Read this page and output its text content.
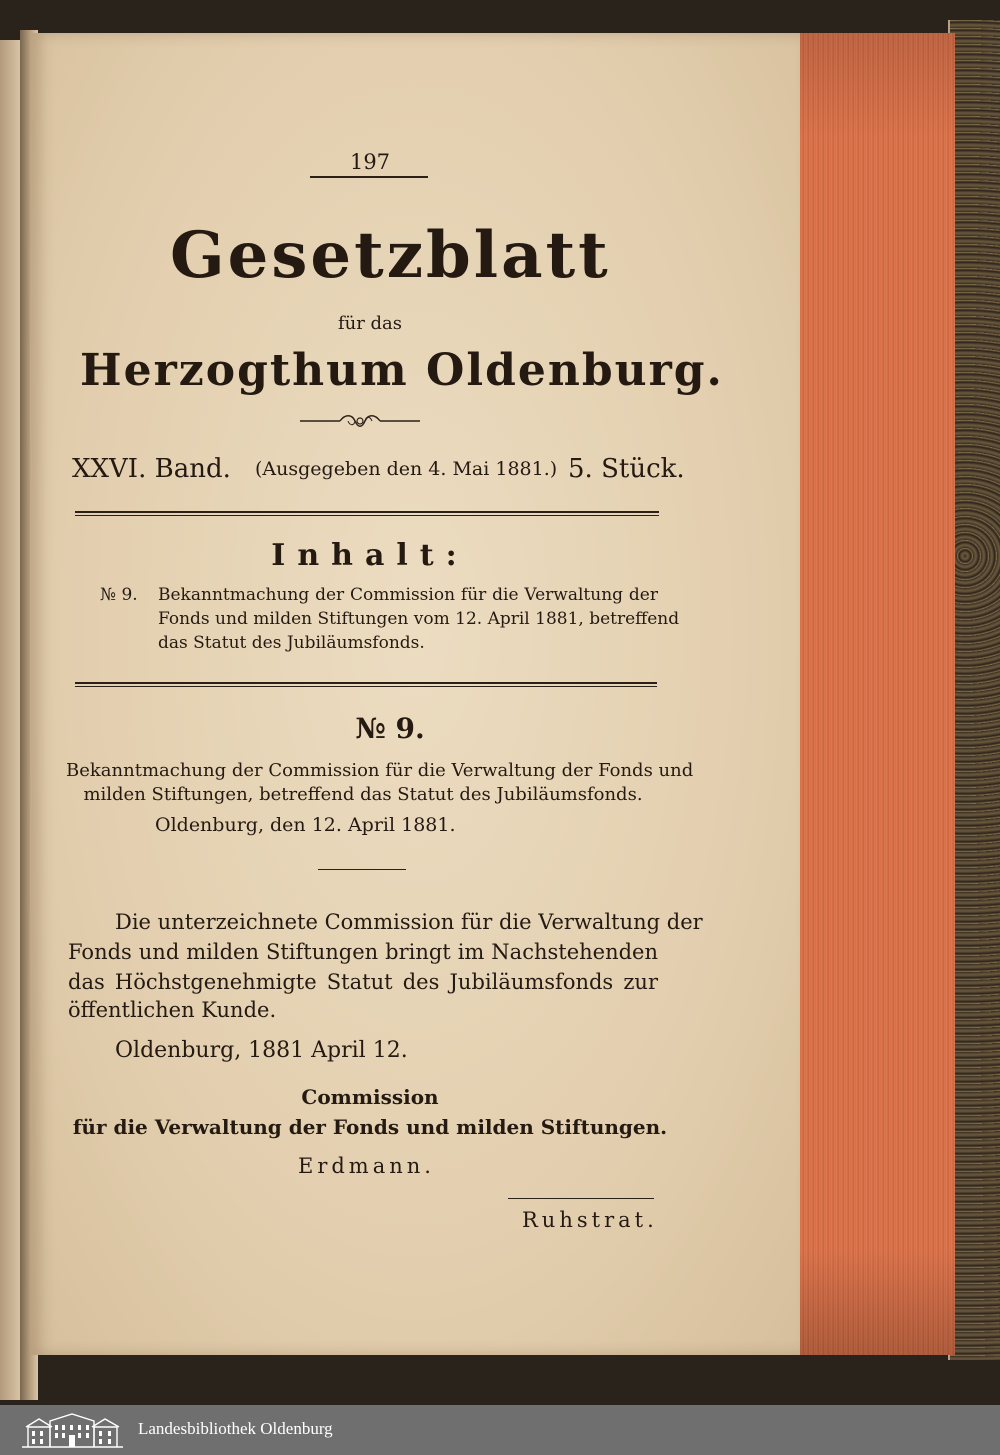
197
Gesetzblatt
für das
Herzogthum Oldenburg.
XXVI. Band. (Ausgegeben den 4. Mai 1881.) 5. Stück.
Inhalt:
№ 9. Bekanntmachung der Commission für die Verwaltung der
Fonds und milden Stiftungen vom 12. April 1881, betreffend
das Statut des Jubiläumsfonds.
№ 9.
Bekanntmachung der Commission für die Verwaltung der Fonds und
milden Stiftungen, betreffend das Statut des Jubiläumsfonds.
Oldenburg, den 12. April 1881.
Die unterzeichnete Commission für die Verwaltung der
Fonds und milden Stiftungen bringt im Nachstehenden
das Höchstgenehmigte Statut des Jubiläumsfonds zur
öffentlichen Kunde.
Oldenburg, 1881 April 12.
Commission
für die Verwaltung der Fonds und milden Stiftungen.
Erdmann.
Ruhstrat.
Landesbibliothek Oldenburg
